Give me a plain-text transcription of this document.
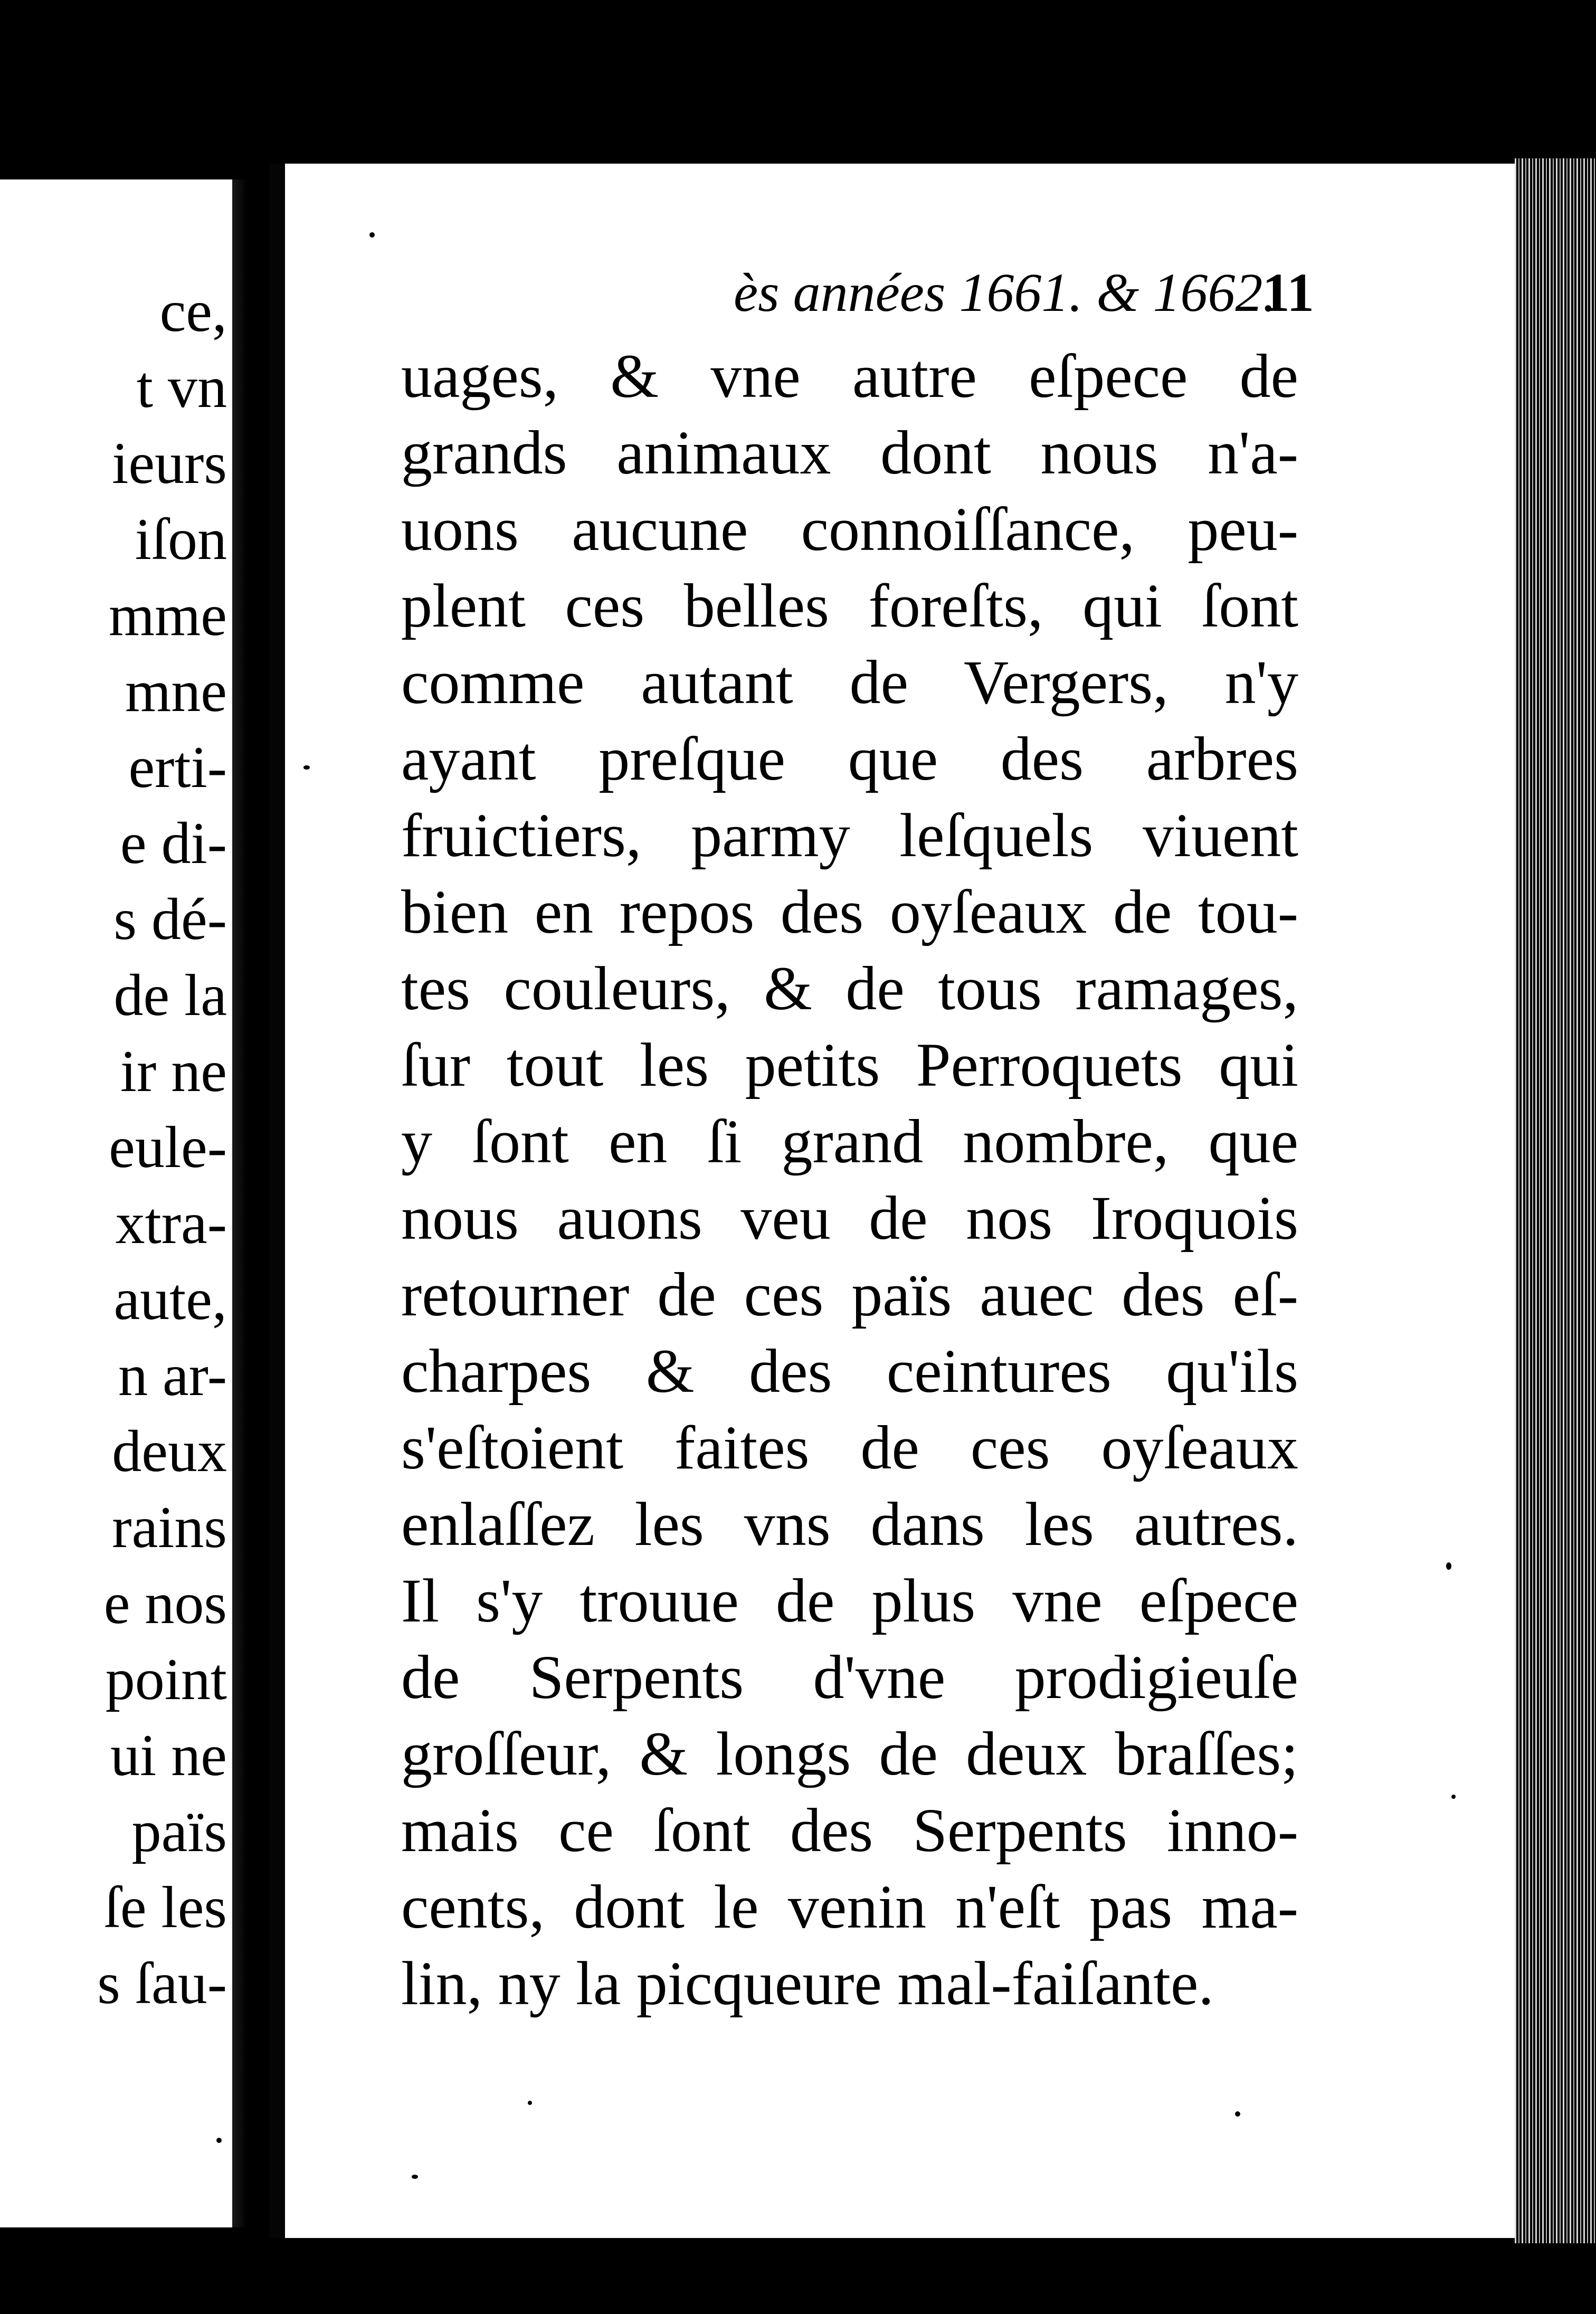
ce,
t vn
ieurs
iſon
mme
mne
erti-
e di-
s dé-
de la
ir ne
eule-
xtra-
aute,
n ar-
deux
rains
e nos
point
ui ne
païs
ſe les
s ſau-
ès années 1661. & 1662.
11
uages, & vne autre eſpece de
grands animaux dont nous n'a-
uons aucune connoiſſance, peu-
plent ces belles foreſts, qui ſont
comme autant de Vergers, n'y
ayant preſque que des arbres
fruictiers, parmy leſquels viuent
bien en repos des oyſeaux de tou-
tes couleurs, & de tous ramages,
ſur tout les petits Perroquets qui
y ſont en ſi grand nombre, que
nous auons veu de nos Iroquois
retourner de ces païs auec des eſ-
charpes & des ceintures qu'ils
s'eſtoient faites de ces oyſeaux
enlaſſez les vns dans les autres.
Il s'y trouue de plus vne eſpece
de Serpents d'vne prodigieuſe
groſſeur, & longs de deux braſſes;
mais ce ſont des Serpents inno-
cents, dont le venin n'eſt pas ma-
lin, ny la picqueure mal-faiſante.
